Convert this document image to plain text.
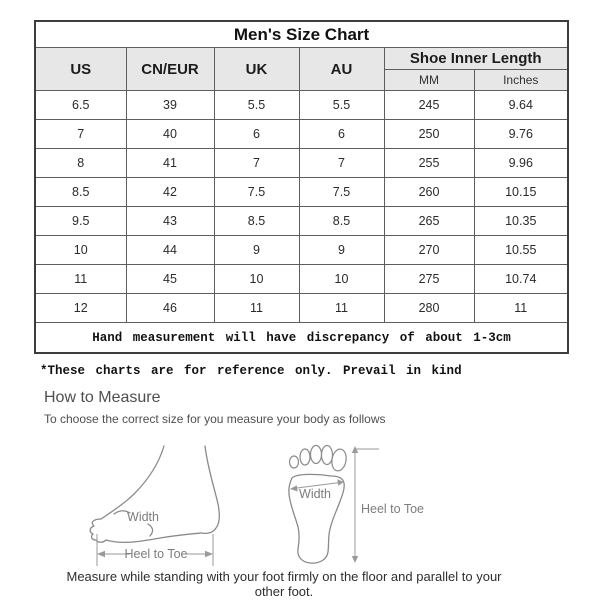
Men's Size Chart					
US	CN/EUR	UK	AU	Shoe Inner Length	
				MM	Inches
6.5	39	5.5	5.5	245	9.64
7	40	6	6	250	9.76
8	41	7	7	255	9.96
8.5	42	7.5	7.5	260	10.15
9.5	43	8.5	8.5	265	10.35
10	44	9	9	270	10.55
11	45	10	10	275	10.74
12	46	11	11	280	11
Hand measurement will have discrepancy of about 1-3cm					
*These charts are for reference only. Prevail in kind
How to Measure
To choose the correct size for you measure your body as follows
Width
Heel to Toe
Width
Heel to Toe
Measure while standing with your foot firmly on the floor and parallel to your other foot.
